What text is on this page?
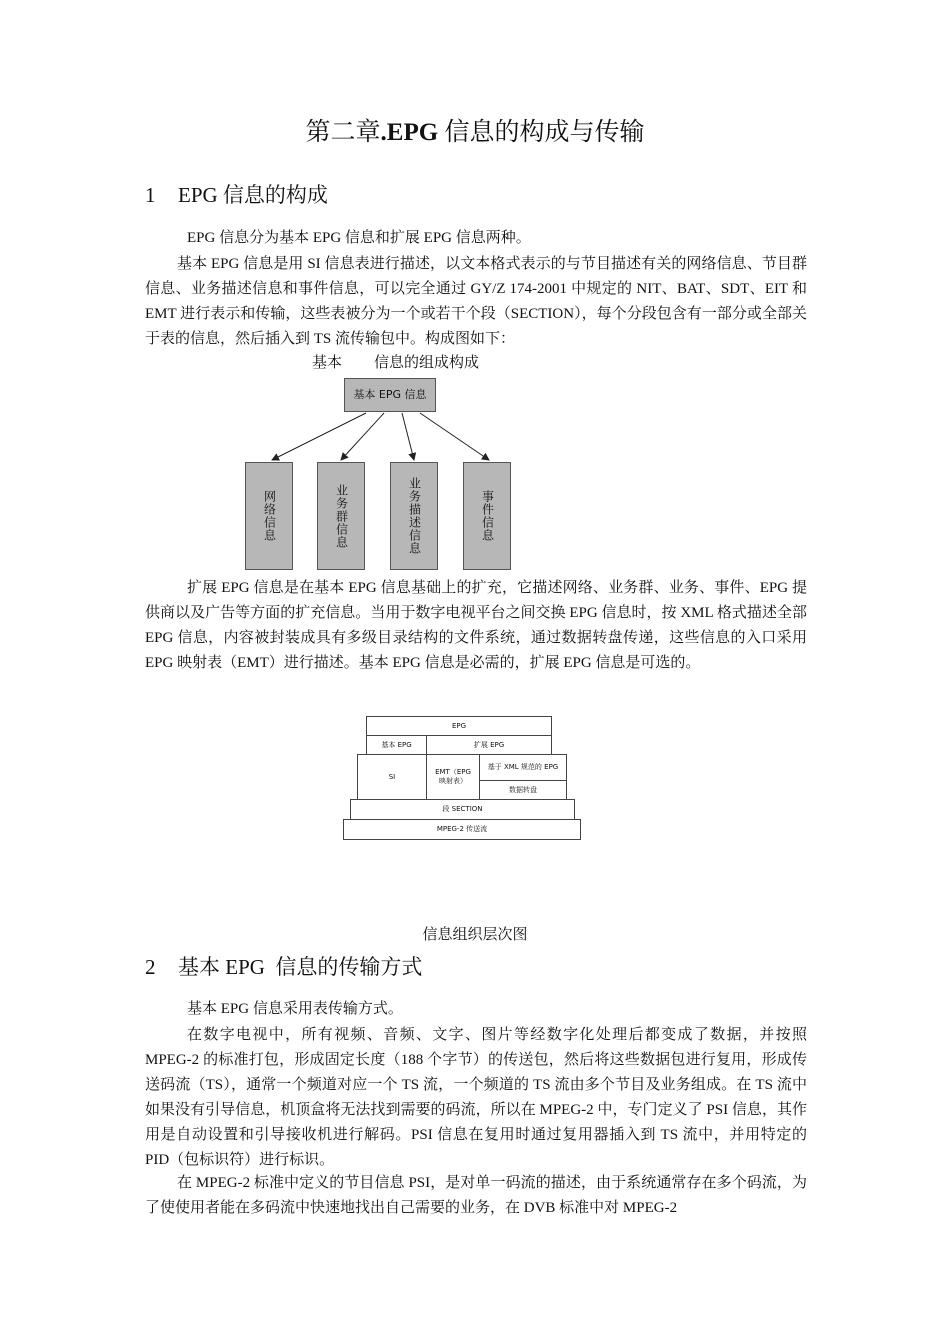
第二章.EPG 信息的构成与传输
1 EPG 信息的构成
EPG 信息分为基本 EPG 信息和扩展 EPG 信息两种。
基本 EPG 信息是用 SI 信息表进行描述，以文本格式表示的与节目描述有关的网络信息、节目群信息、业务描述信息和事件信息，可以完全通过 GY/Z 174-2001 中规定的 NIT、BAT、SDT、EIT 和 EMT 进行表示和传输，这些表被分为一个或若干个段（SECTION），每个分段包含有一部分或全部关于表的信息，然后插入到 TS 流传输包中。构成图如下：
基本 信息的组成构成
基本 EPG 信息
网络信息	业务群信息	业务描述信息	事件信息
扩展 EPG 信息是在基本 EPG 信息基础上的扩充，它描述网络、业务群、业务、事件、EPG 提供商以及广告等方面的扩充信息。当用于数字电视平台之间交换 EPG 信息时，按 XML 格式描述全部 EPG 信息，内容被封装成具有多级目录结构的文件系统，通过数据转盘传递，这些信息的入口采用 EPG 映射表（EMT）进行描述。基本 EPG 信息是必需的，扩展 EPG 信息是可选的。
EPG
基本 EPG	扩展 EPG
SI
EMT（EPG 映射表）
基于 XML 规范的 EPG
数据转盘
段 SECTION
MPEG-2 传送流
信息组织层次图
2 基本 EPG  信息的传输方式
基本 EPG 信息采用表传输方式。
在数字电视中，所有视频、音频、文字、图片等经数字化处理后都变成了数据，并按照 MPEG-2 的标准打包，形成固定长度（188 个字节）的传送包，然后将这些数据包进行复用，形成传送码流（TS），通常一个频道对应一个 TS 流，一个频道的 TS 流由多个节目及业务组成。在 TS 流中如果没有引导信息，机顶盒将无法找到需要的码流，所以在 MPEG-2 中，专门定义了 PSI 信息，其作用是自动设置和引导接收机进行解码。PSI 信息在复用时通过复用器插入到 TS 流中，并用特定的 PID（包标识符）进行标识。
在 MPEG-2 标准中定义的节目信息 PSI，是对单一码流的描述，由于系统通常存在多个码流，为了使使用者能在多码流中快速地找出自己需要的业务，在 DVB 标准中对 MPEG-2
